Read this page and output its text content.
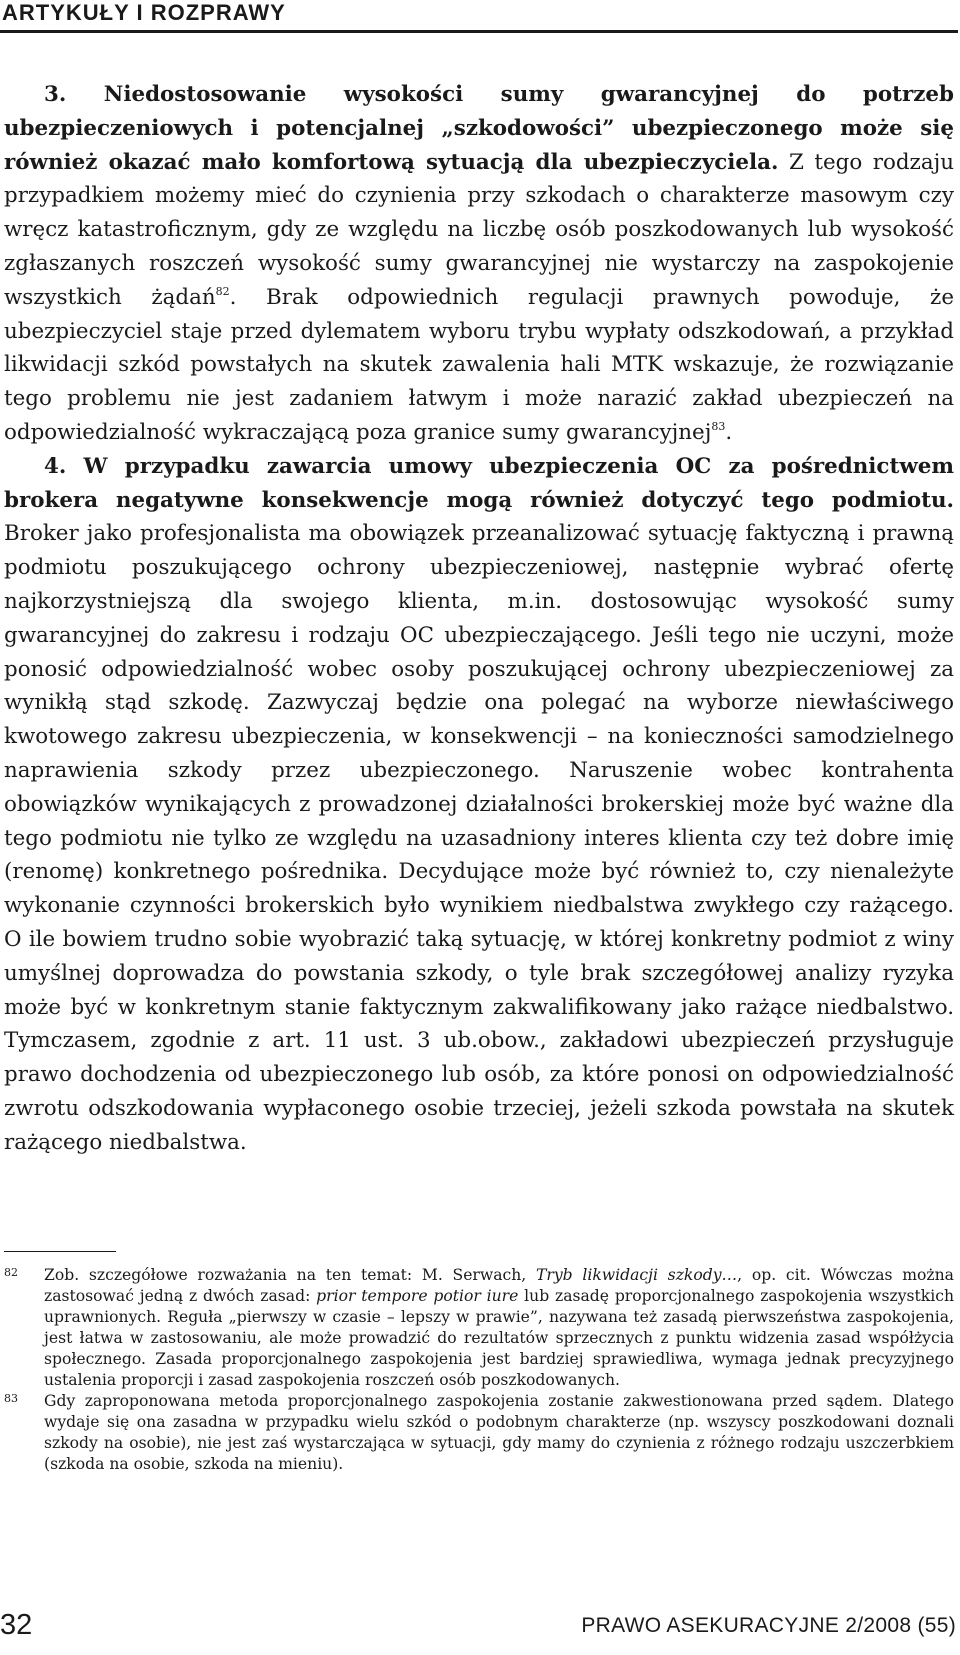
ARTYKUŁY I ROZPRAWY

3. Niedostosowanie wysokości sumy gwarancyjnej do potrzeb ubezpieczeniowych i potencjalnej „szkodowości” ubezpieczonego może się również okazać mało komfortową sytuacją dla ubezpieczyciela. Z tego rodzaju przypadkiem możemy mieć do czynienia przy szkodach o charakterze masowym czy wręcz katastroficznym, gdy ze względu na liczbę osób poszkodowanych lub wysokość zgłaszanych roszczeń wysokość sumy gwarancyjnej nie wystarczy na zaspokojenie wszystkich żądań$^{82}$. Brak odpowiednich regulacji prawnych powoduje, że ubezpieczyciel staje przed dylematem wyboru trybu wypłaty odszkodowań, a przykład likwidacji szkód powstałych na skutek zawalenia hali MTK wskazuje, że rozwiązanie tego problemu nie jest zadaniem łatwym i może narazić zakład ubezpieczeń na odpowiedzialność wykraczającą poza granice sumy gwarancyjnej$^{83}$.

4. W przypadku zawarcia umowy ubezpieczenia OC za pośrednictwem brokera negatywne konsekwencje mogą również dotyczyć tego podmiotu. Broker jako profesjonalista ma obowiązek przeanalizować sytuację faktyczną i prawną podmiotu poszukującego ochrony ubezpieczeniowej, następnie wybrać ofertę najkorzystniejszą dla swojego klienta, m.in. dostosowując wysokość sumy gwarancyjnej do zakresu i rodzaju OC ubezpieczającego. Jeśli tego nie uczyni, może ponosić odpowiedzialność wobec osoby poszukującej ochrony ubezpieczeniowej za wynikłą stąd szkodę. Zazwyczaj będzie ona polegać na wyborze niewłaściwego kwotowego zakresu ubezpieczenia, w konsekwencji – na konieczności samodzielnego naprawienia szkody przez ubezpieczonego. Naruszenie wobec kontrahenta obowiązków wynikających z prowadzonej działalności brokerskiej może być ważne dla tego podmiotu nie tylko ze względu na uzasadniony interes klienta czy też dobre imię (renomę) konkretnego pośrednika. Decydujące może być również to, czy nienależyte wykonanie czynności brokerskich było wynikiem niedbalstwa zwykłego czy rażącego. O ile bowiem trudno sobie wyobrazić taką sytuację, w której konkretny podmiot z winy umyślnej doprowadza do powstania szkody, o tyle brak szczegółowej analizy ryzyka może być w konkretnym stanie faktycznym zakwalifikowany jako rażące niedbalstwo. Tymczasem, zgodnie z art. 11 ust. 3 ub.obow., zakładowi ubezpieczeń przysługuje prawo dochodzenia od ubezpieczonego lub osób, za które ponosi on odpowiedzialność zwrotu odszkodowania wypłaconego osobie trzeciej, jeżeli szkoda powstała na skutek rażącego niedbalstwa.

82 Zob. szczegółowe rozważania na ten temat: M. Serwach, Tryb likwidacji szkody…, op. cit. Wówczas można zastosować jedną z dwóch zasad: prior tempore potior iure lub zasadę proporcjonalnego zaspokojenia wszystkich uprawnionych. Reguła „pierwszy w czasie – lepszy w prawie”, nazywana też zasadą pierwszeństwa zaspokojenia, jest łatwa w zastosowaniu, ale może prowadzić do rezultatów sprzecznych z punktu widzenia zasad współżycia społecznego. Zasada proporcjonalnego zaspokojenia jest bardziej sprawiedliwa, wymaga jednak precyzyjnego ustalenia proporcji i zasad zaspokojenia roszczeń osób poszkodowanych.

83 Gdy zaproponowana metoda proporcjonalnego zaspokojenia zostanie zakwestionowana przed sądem. Dlatego wydaje się ona zasadna w przypadku wielu szkód o podobnym charakterze (np. wszyscy poszkodowani doznali szkody na osobie), nie jest zaś wystarczająca w sytuacji, gdy mamy do czynienia z różnego rodzaju uszczerbkiem (szkoda na osobie, szkoda na mieniu).

32	PRAWO ASEKURACYJNE 2/2008 (55)
